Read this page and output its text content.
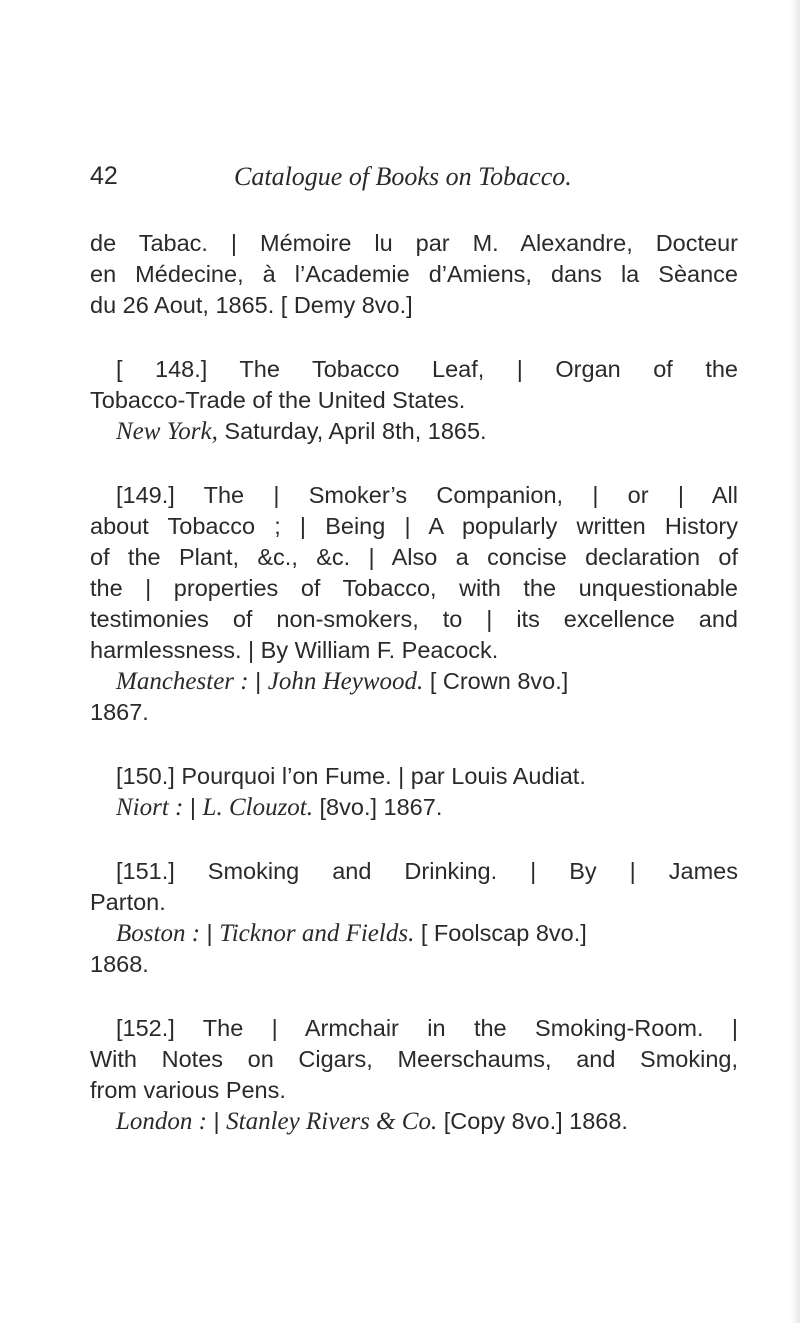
42	Catalogue of Books on Tobacco.
de Tabac. | Mémoire lu par M. Alexandre, Docteur
en Médecine, à l’Academie d’Amiens, dans la Sèance
du 26 Aout, 1865. [ Demy 8vo.]
[ 148.] The Tobacco Leaf, | Organ of the
Tobacco-Trade of the United States.
New York, Saturday, April 8th, 1865.
[149.] The | Smoker’s Companion, | or | All
about Tobacco ; | Being | A popularly written History
of the Plant, &c., &c. | Also a concise declaration of
the | properties of Tobacco, with the unquestionable
testimonies of non-smokers, to | its excellence and
harmlessness. | By William F. Peacock.
Manchester : | John Heywood. [ Crown 8vo.]
1867.
[150.] Pourquoi l’on Fume. | par Louis Audiat.
Niort : | L. Clouzot. [8vo.] 1867.
[151.] Smoking and Drinking. | By | James
Parton.
Boston : | Ticknor and Fields. [ Foolscap 8vo.]
1868.
[152.] The | Armchair in the Smoking-Room. |
With Notes on Cigars, Meerschaums, and Smoking,
from various Pens.
London : | Stanley Rivers & Co. [Copy 8vo.] 1868.
